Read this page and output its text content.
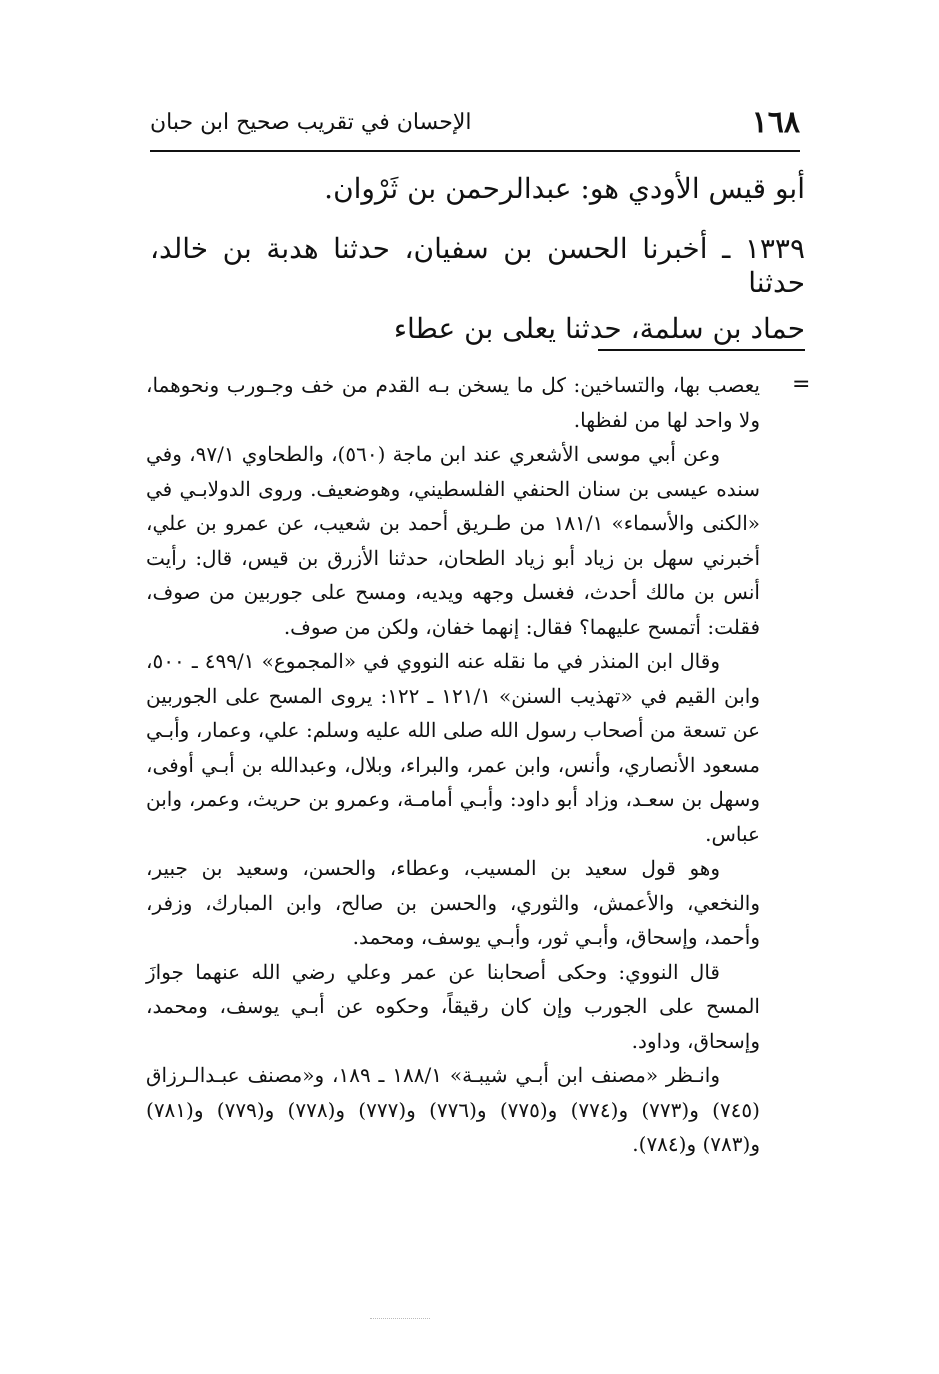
١٦٨
الإحسان في تقريب صحيح ابن حبان
أبو قيس الأودي هو: عبدالرحمن بن ثَرْوان.
١٣٣٩ ـ أخبرنا الحسن بن سفيان، حدثنا هدبة بن خالد، حدثنا
حماد بن سلمة، حدثنا يعلى بن عطاء
=

يعصب بها، والتساخين: كل ما يسخن بـه القدم من خف وجـورب ونحوهما، ولا واحد لها من لفظها.

وعن أبي موسى الأشعري عند ابن ماجة (٥٦٠)، والطحاوي ٩٧/١، وفي سنده عيسى بن سنان الحنفي الفلسطيني، وهوضعيف. وروى الدولابـي في «الكنى والأسماء» ١٨١/١ من طـريق أحمد بن شعيب، عن عمرو بن علي، أخبرني سهل بن زياد أبو زياد الطحان، حدثنا الأزرق بن قيس، قال: رأيت أنس بن مالك أحدث، فغسل وجهه ويديه، ومسح على جوربين من صوف، فقلت: أتمسح عليهما؟ فقال: إنهما خفان، ولكن من صوف.

وقال ابن المنذر في ما نقله عنه النووي في «المجموع» ٤٩٩/١ ـ ٥٠٠، وابن القيم في «تهذيب السنن» ١٢١/١ ـ ١٢٢: يروى المسح على الجوربين عن تسعة من أصحاب رسول الله صلى الله عليه وسلم: علي، وعمار، وأبـي مسعود الأنصاري، وأنس، وابن عمر، والبراء، وبلال، وعبدالله بن أبـي أوفى، وسهل بن سعـد، وزاد أبو داود: وأبـي أمامـة، وعمرو بن حريث، وعمر، وابن عباس.

وهو قول سعيد بن المسيب، وعطاء، والحسن، وسعيد بن جبير، والنخعي، والأعمش، والثوري، والحسن بن صالح، وابن المبارك، وزفر، وأحمد، وإسحاق، وأبـي ثور، وأبـي يوسف، ومحمد.

قال النووي: وحكى أصحابنا عن عمر وعلي رضي الله عنهما جوازَ المسح على الجورب وإن كان رقيقاً، وحكوه عن أبـي يوسف، ومحمد، وإسحاق، وداود.

وانـظر «مصنف ابن أبـي شيبـة» ١٨٨/١ ـ ١٨٩، و«مصنف عبـدالـرزاق (٧٤٥) و(٧٧٣) و(٧٧٤) و(٧٧٥) و(٧٧٦) و(٧٧٧) و(٧٧٨) و(٧٧٩) و(٧٨١) و(٧٨٣) و(٧٨٤).
